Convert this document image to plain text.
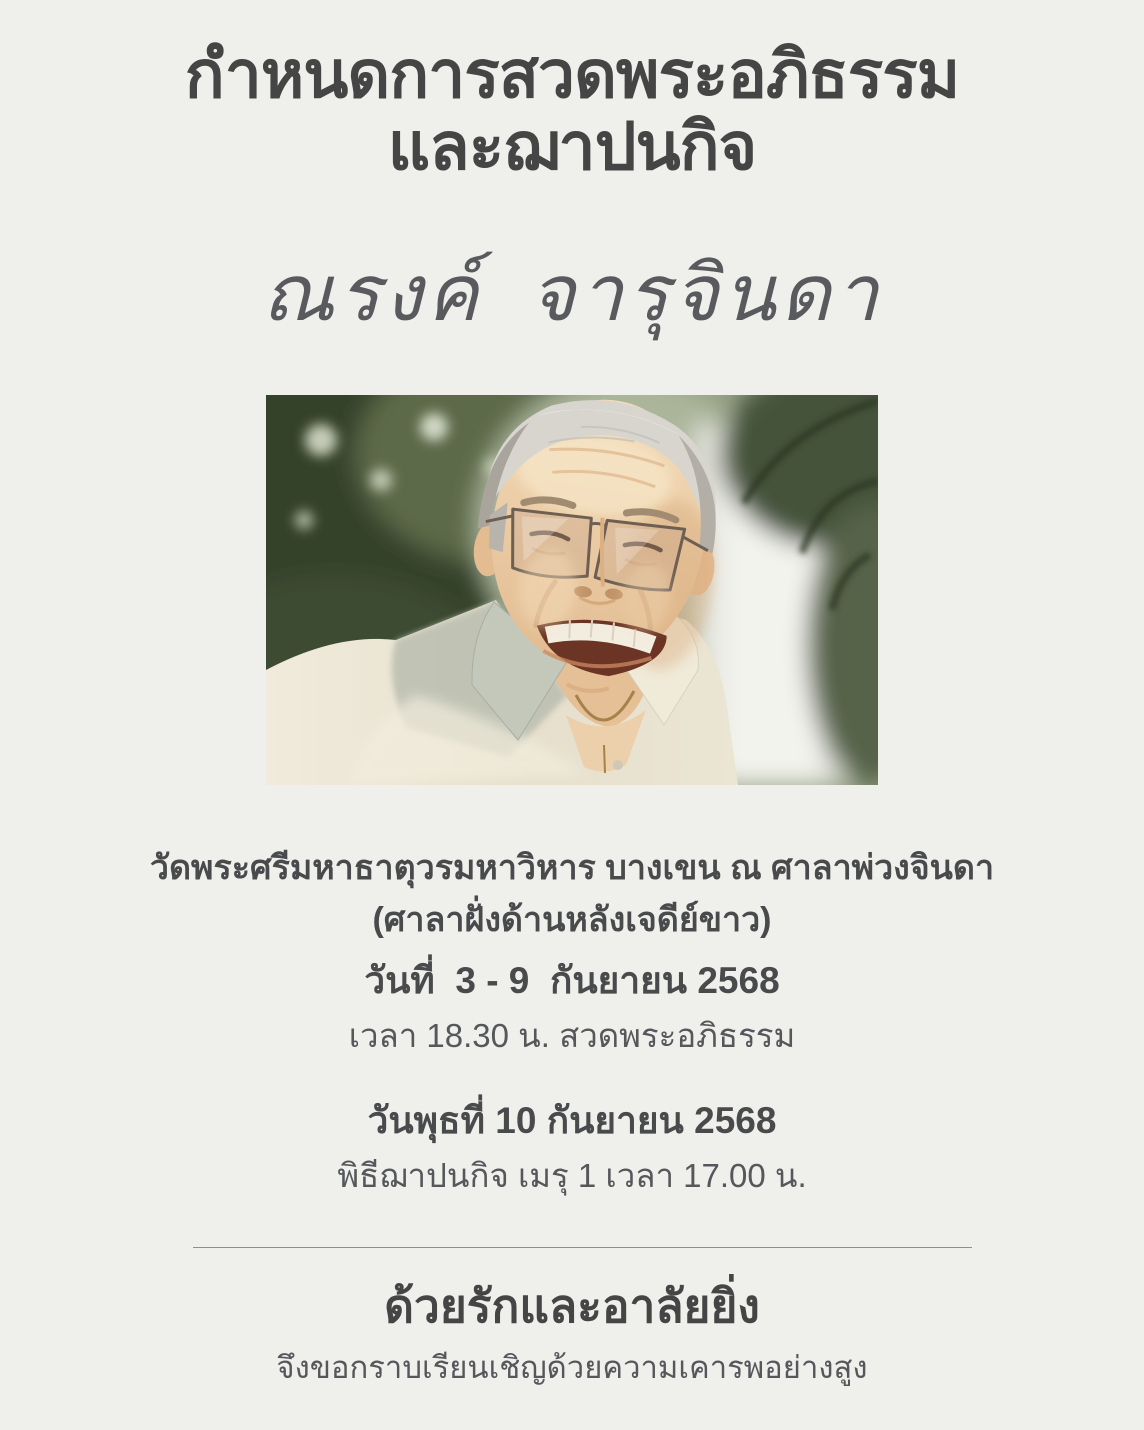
กำหนดการสวดพระอภิธรรม
และฌาปนกิจ
ณรงค์  จารุจินดา
วัดพระศรีมหาธาตุวรมหาวิหาร บางเขน ณ ศาลาพ่วงจินดา
(ศาลาฝั่งด้านหลังเจดีย์ขาว)
วันที่  3 - 9  กันยายน 2568
เวลา 18.30 น. สวดพระอภิธรรม
วันพุธที่ 10 กันยายน 2568
พิธีฌาปนกิจ เมรุ 1 เวลา 17.00 น.
ด้วยรักและอาลัยยิ่ง
จึงขอกราบเรียนเชิญด้วยความเคารพอย่างสูง
